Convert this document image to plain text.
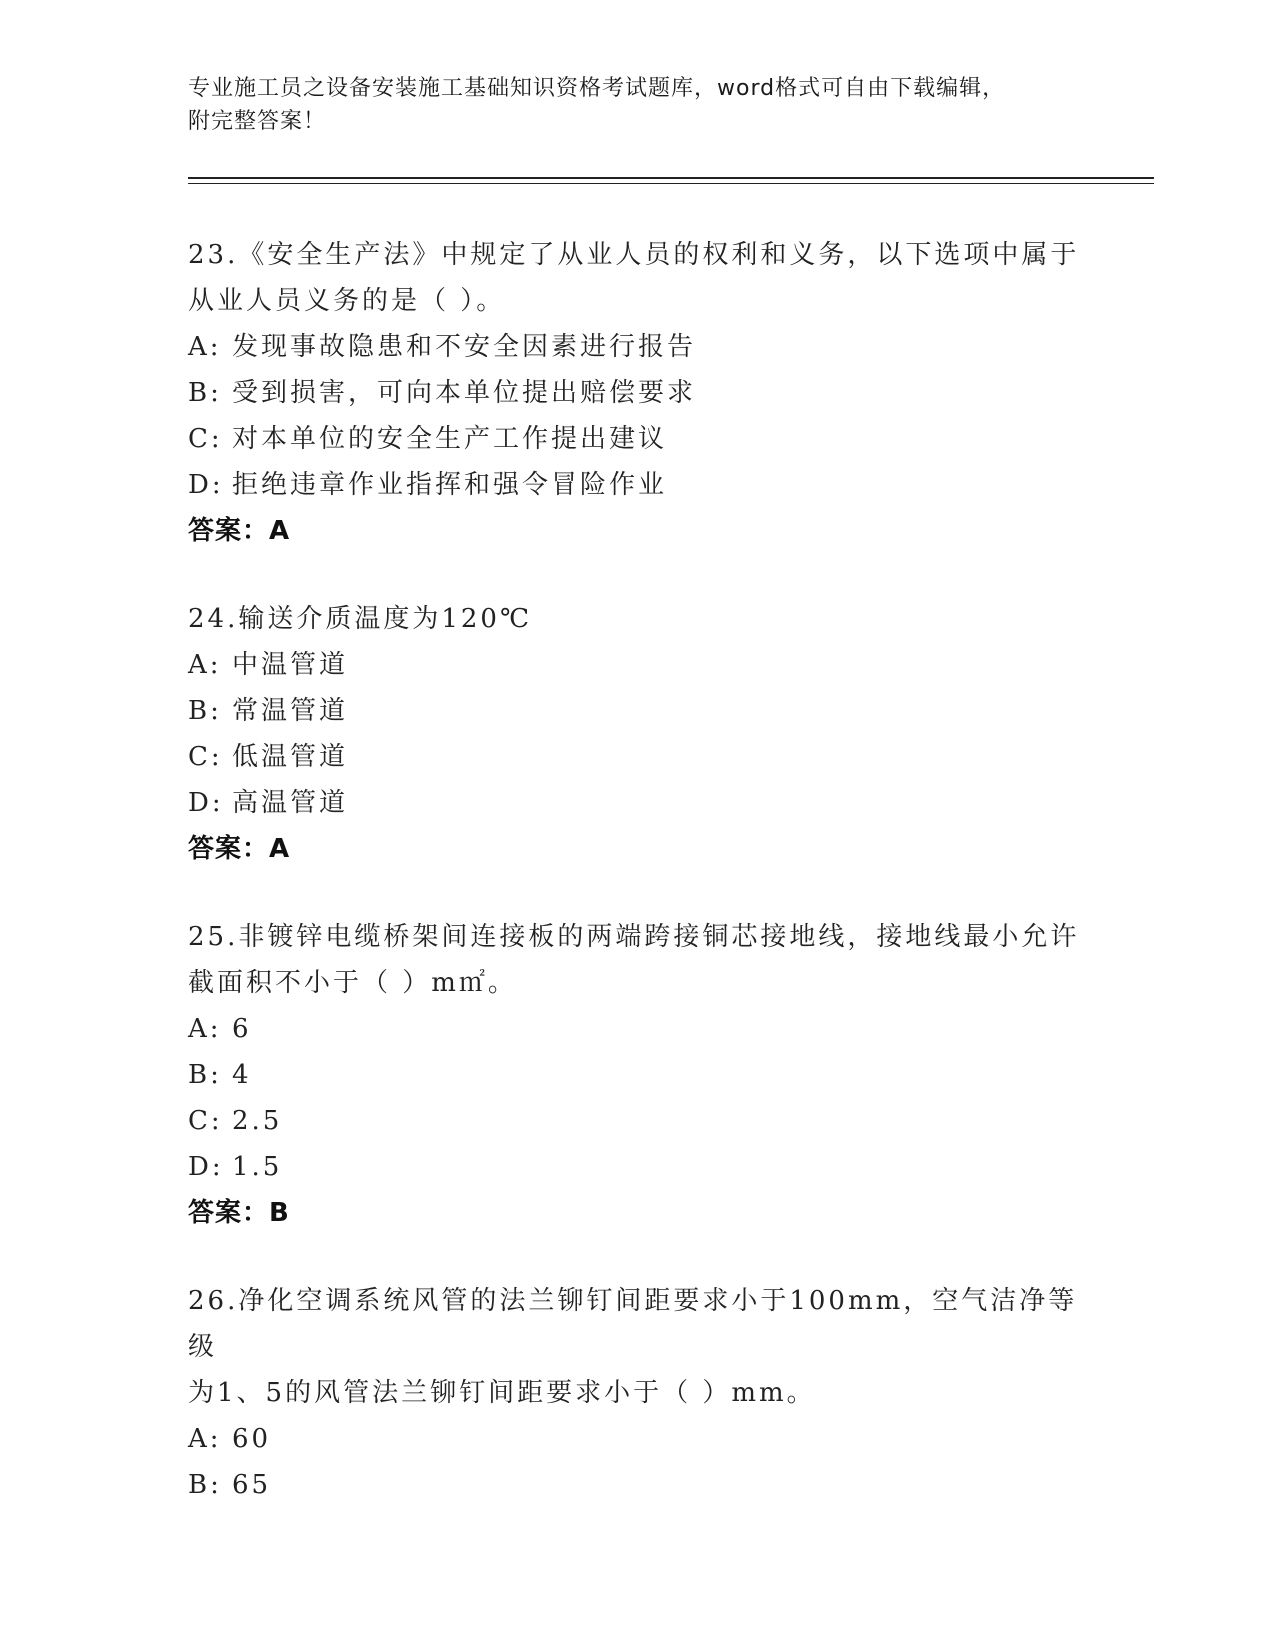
专业施工员之设备安装施工基础知识资格考试题库，word格式可自由下载编辑，
附完整答案！
23.《安全生产法》中规定了从业人员的权利和义务，以下选项中属于
从业人员义务的是（ ）。
A: 发现事故隐患和不安全因素进行报告
B: 受到损害，可向本单位提出赔偿要求
C: 对本单位的安全生产工作提出建议
D: 拒绝违章作业指挥和强令冒险作业
答案：A
24.输送介质温度为120℃
A: 中温管道
B: 常温管道
C: 低温管道
D: 高温管道
答案：A
25.非镀锌电缆桥架间连接板的两端跨接铜芯接地线，接地线最小允许
截面积不小于（ ）m㎡。
A: 6
B: 4
C: 2.5
D: 1.5
答案：B
26.净化空调系统风管的法兰铆钉间距要求小于100mm，空气洁净等级
为1、5的风管法兰铆钉间距要求小于（ ）mm。
A: 60
B: 65
